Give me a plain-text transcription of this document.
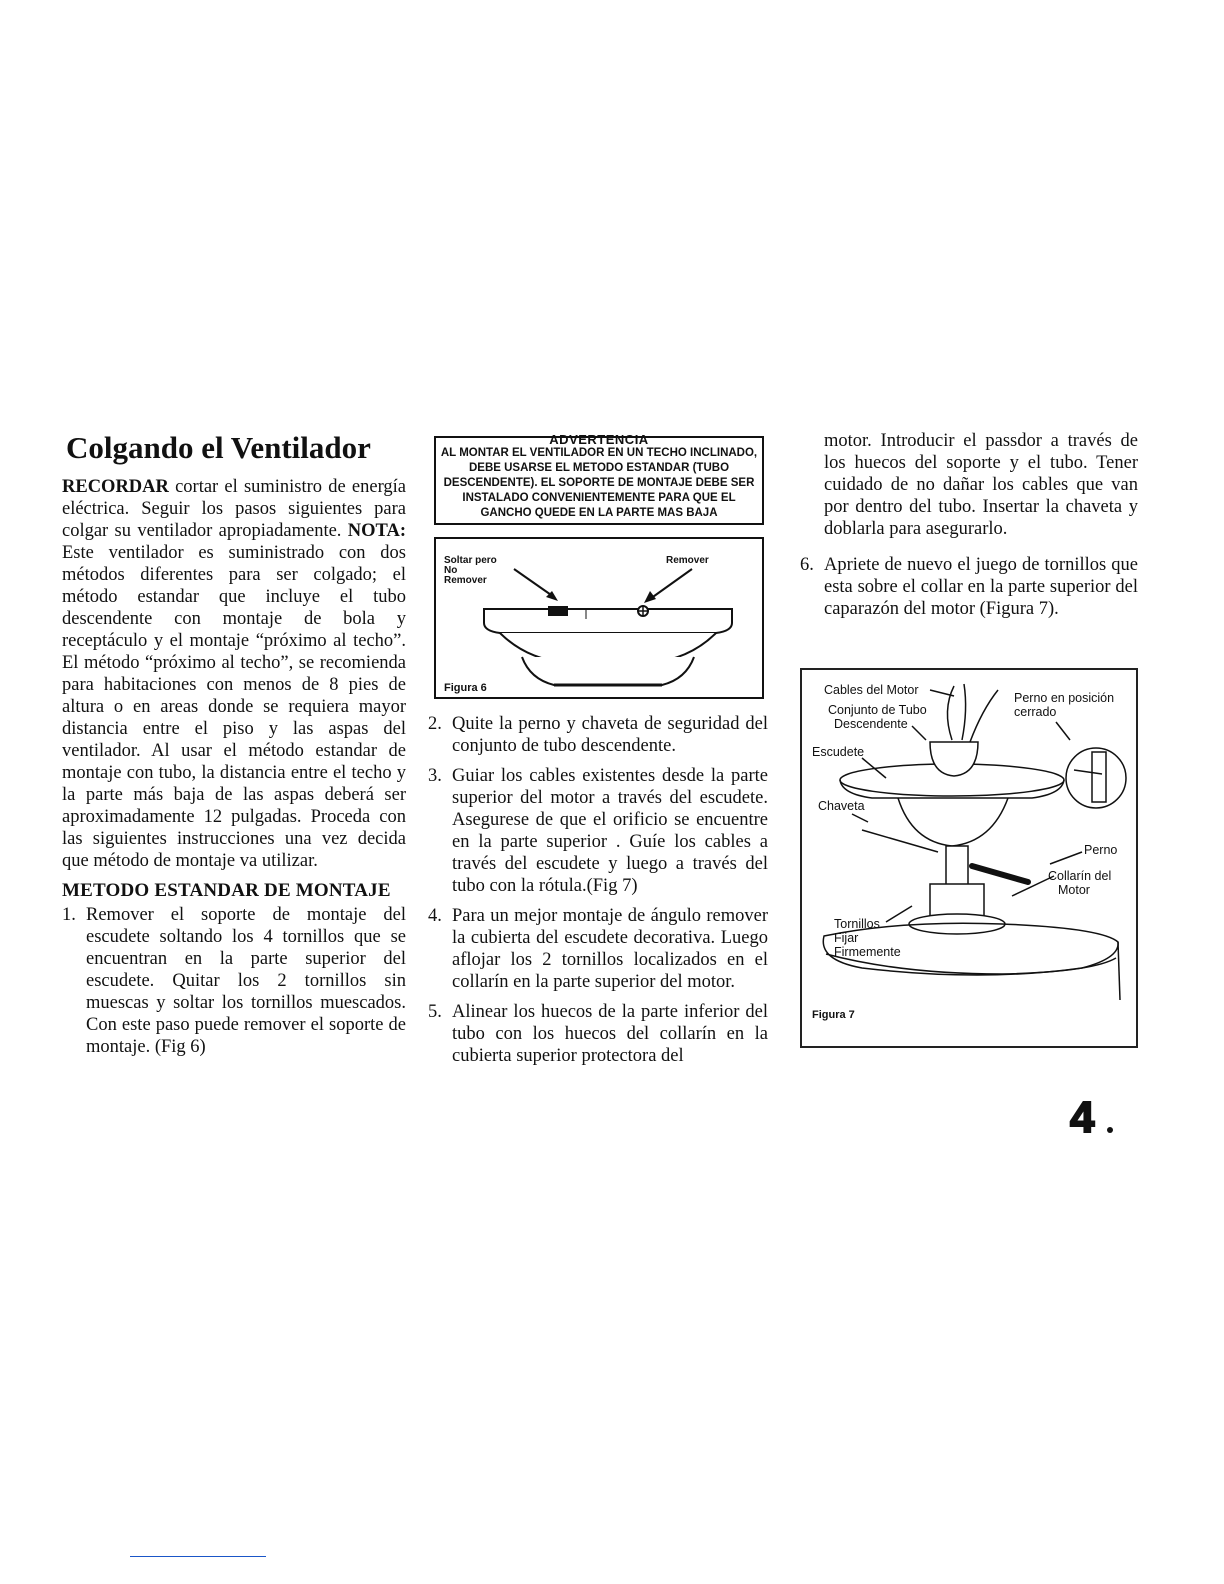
Colgando el Ventilador

RECORDAR cortar el suministro de energía eléctrica. Seguir los pasos siguientes para colgar su ventilador apropiadamente. NOTA: Este ventilador es suministrado con dos métodos diferentes para ser colgado; el método estandar que incluye el tubo descendente con montaje de bola y receptáculo y el montaje “próximo al techo”. El método “próximo al techo”, se recomienda para habitaciones con menos de 8 pies de altura o en areas donde se requiera mayor distancia entre el piso y las aspas del ventilador. Al usar el método estandar de montaje con tubo, la distancia entre el techo y la parte más baja de las aspas deberá ser aproximadamente 12 pulgadas. Proceda con las siguientes instrucciones una vez decida que método de montaje va utilizar.

METODO ESTANDAR DE MONTAJE
1. Remover el soporte de montaje del escudete soltando los 4 tornillos que se encuentran en la parte superior del escudete. Quitar los 2 tornillos sin muescas y soltar los tornillos muescados. Con este paso puede remover el soporte de montaje. (Fig 6)
ADVERTENCIA
AL MONTAR EL VENTILADOR EN UN TECHO INCLINADO, DEBE USARSE EL METODO ESTANDAR (TUBO DESCENDENTE). EL SOPORTE DE MONTAJE DEBE SER INSTALADO CONVENIENTEMENTE PARA QUE EL GANCHO QUEDE EN LA PARTE MAS BAJA
Soltar pero
No
Remover
Remover
Figura 6
2. Quite la perno y chaveta de seguridad del conjunto de tubo descendente.
3. Guiar los cables existentes desde la parte superior del motor a través del escudete. Asegurese de que el orificio se encuentre en la parte superior . Guíe los cables a través del escudete y luego a través del tubo con la rótula.(Fig 7)
4. Para un mejor montaje de ángulo remover la cubierta del escudete decorativa. Luego aflojar los 2 tornillos localizados en el collarín en la parte superior del motor.
5. Alinear los huecos de la parte inferior del tubo con los huecos del collarín en la cubierta superior protectora del
motor. Introducir el passdor a través de los huecos del soporte y el tubo. Tener cuidado de no dañar los cables que van por dentro del tubo. Insertar la chaveta y doblarla para asegurarlo.
6. Apriete de nuevo el juego de tornillos que esta sobre el collar en la parte superior del caparazón del motor (Figura 7).
Cables del Motor
Conjunto de Tubo
Descendente
Perno en posición
cerrado
Escudete
Chaveta
Perno
Collarín del
Motor
Tornillos
Fijar
Firmemente
Figura 7
4
